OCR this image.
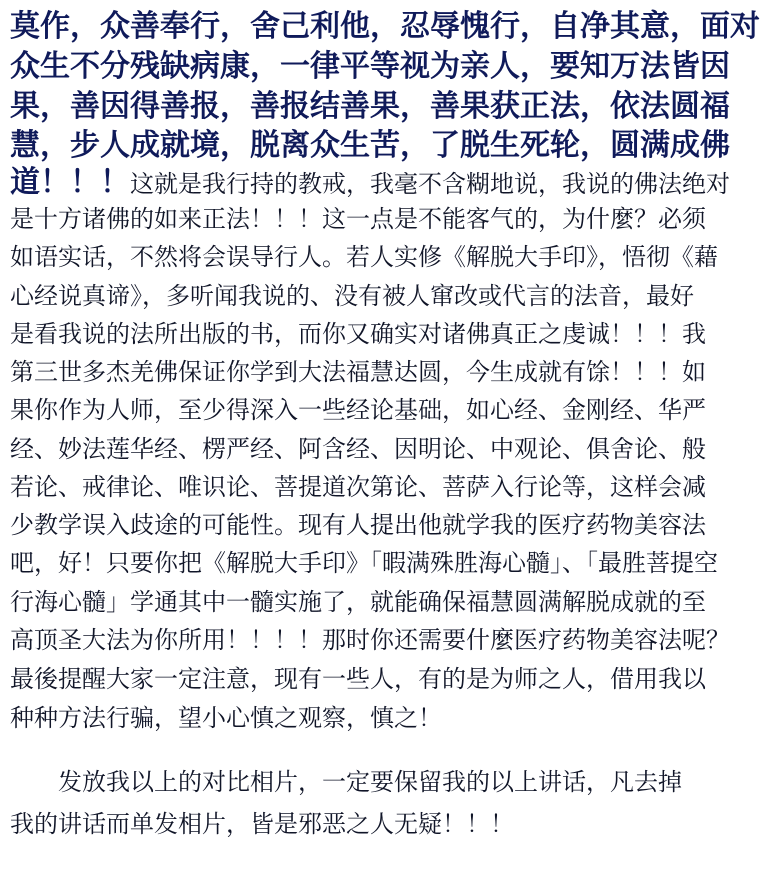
莫作，众善奉行，舍己利他，忍辱愧行，自净其意，面对
众生不分残缺病康，一律平等视为亲人，要知万法皆因
果，善因得善报，善报结善果，善果获正法，依法圆福
慧，步人成就境，脱离众生苦，了脱生死轮，圆满成佛
道！！！这就是我行持的教戒，我毫不含糊地说，我说的佛法绝对
是十方诸佛的如来正法！！！这一点是不能客气的，为什麼？必须
如语实话，不然将会误导行人。若人实修《解脱大手印》，悟彻《藉
心经说真谛》，多听闻我说的、没有被人窜改或代言的法音，最好
是看我说的法所出版的书，而你又确实对诸佛真正之虔诚！！！我
第三世多杰羌佛保证你学到大法福慧达圆，今生成就有馀！！！如
果你作为人师，至少得深入一些经论基础，如心经、金刚经、华严
经、妙法莲华经、楞严经、阿含经、因明论、中观论、俱舍论、般
若论、戒律论、唯识论、菩提道次第论、菩萨入行论等，这样会减
少教学误入歧途的可能性。现有人提出他就学我的医疗药物美容法
吧，好！只要你把《解脱大手印》「暇满殊胜海心髓」、「最胜菩提空
行海心髓」学通其中一髓实施了，就能确保福慧圆满解脱成就的至
高顶圣大法为你所用！！！！那时你还需要什麼医疗药物美容法呢？
最後提醒大家一定注意，现有一些人，有的是为师之人，借用我以
种种方法行骗，望小心慎之观察，慎之！
　　发放我以上的对比相片，一定要保留我的以上讲话，凡去掉
我的讲话而单发相片，皆是邪恶之人无疑！！！
